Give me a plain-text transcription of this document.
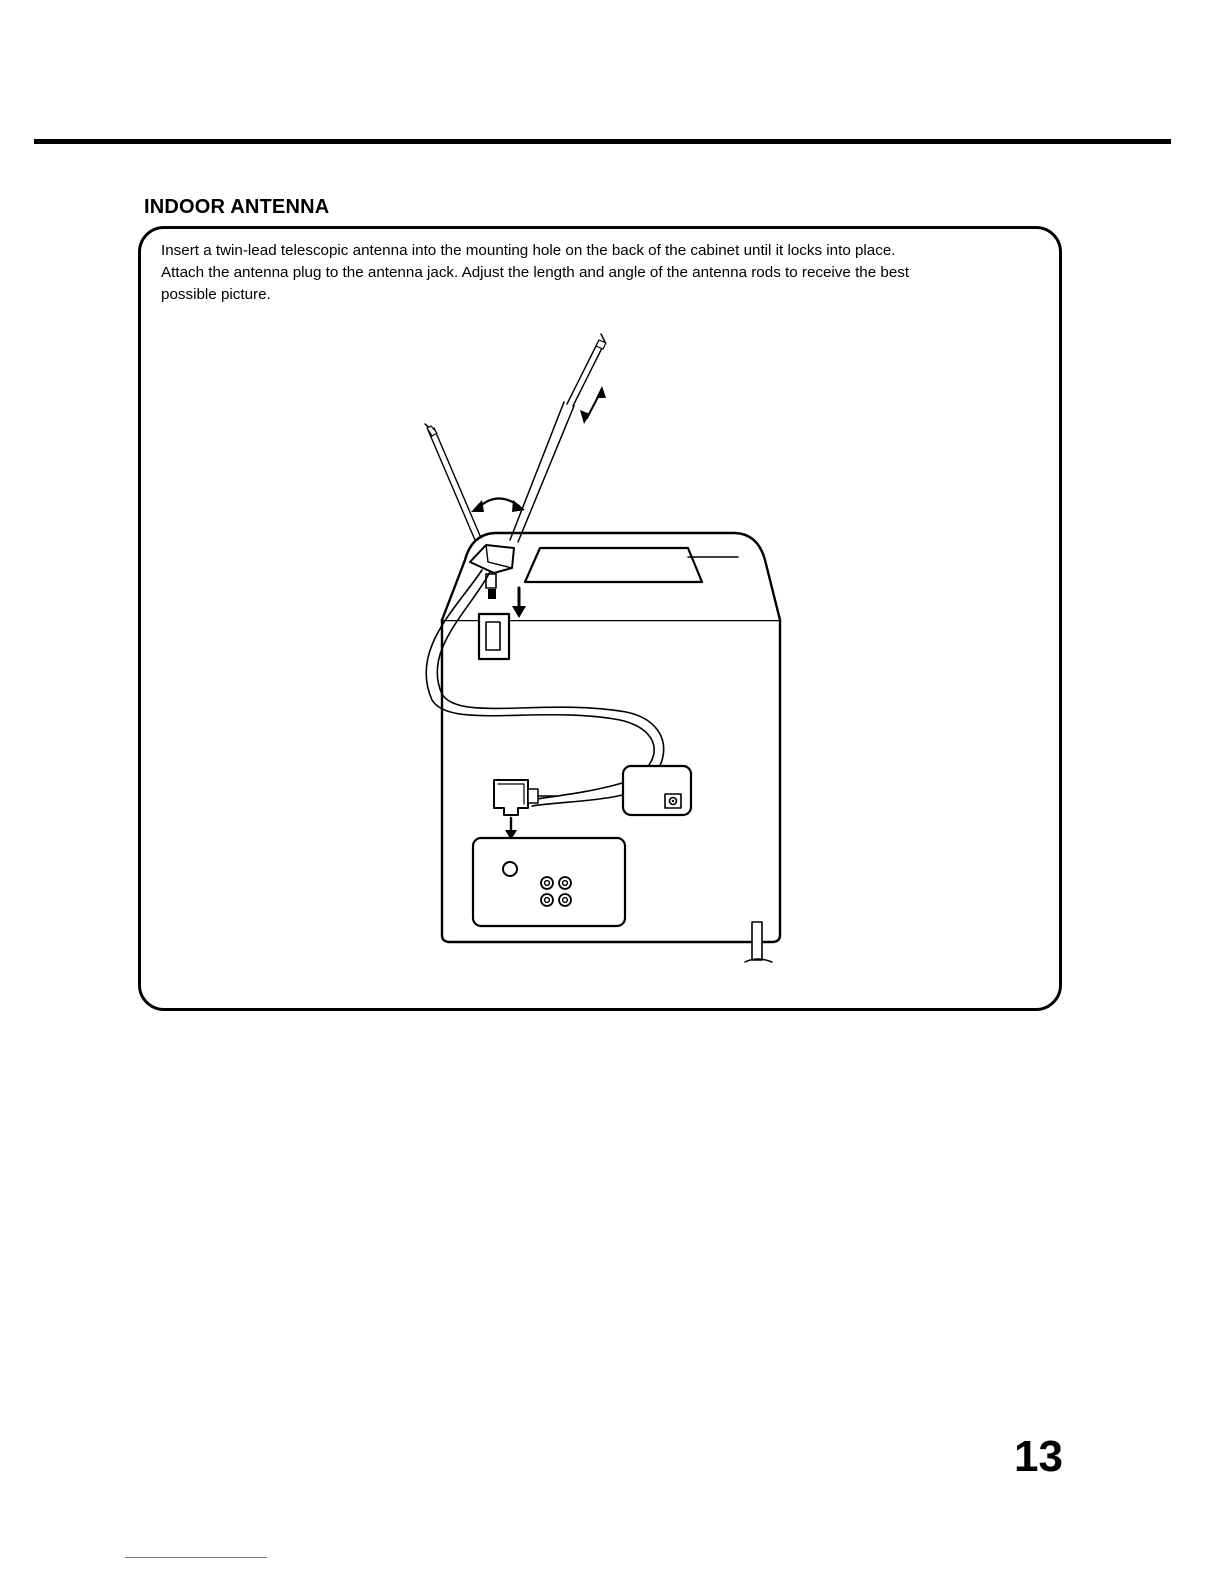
INDOOR ANTENNA

Insert a twin-lead telescopic antenna into the mounting hole on the back of the cabinet until it locks into place.

Attach the antenna plug to the antenna jack. Adjust the length and angle of the antenna rods to receive the best

possible picture.

13
